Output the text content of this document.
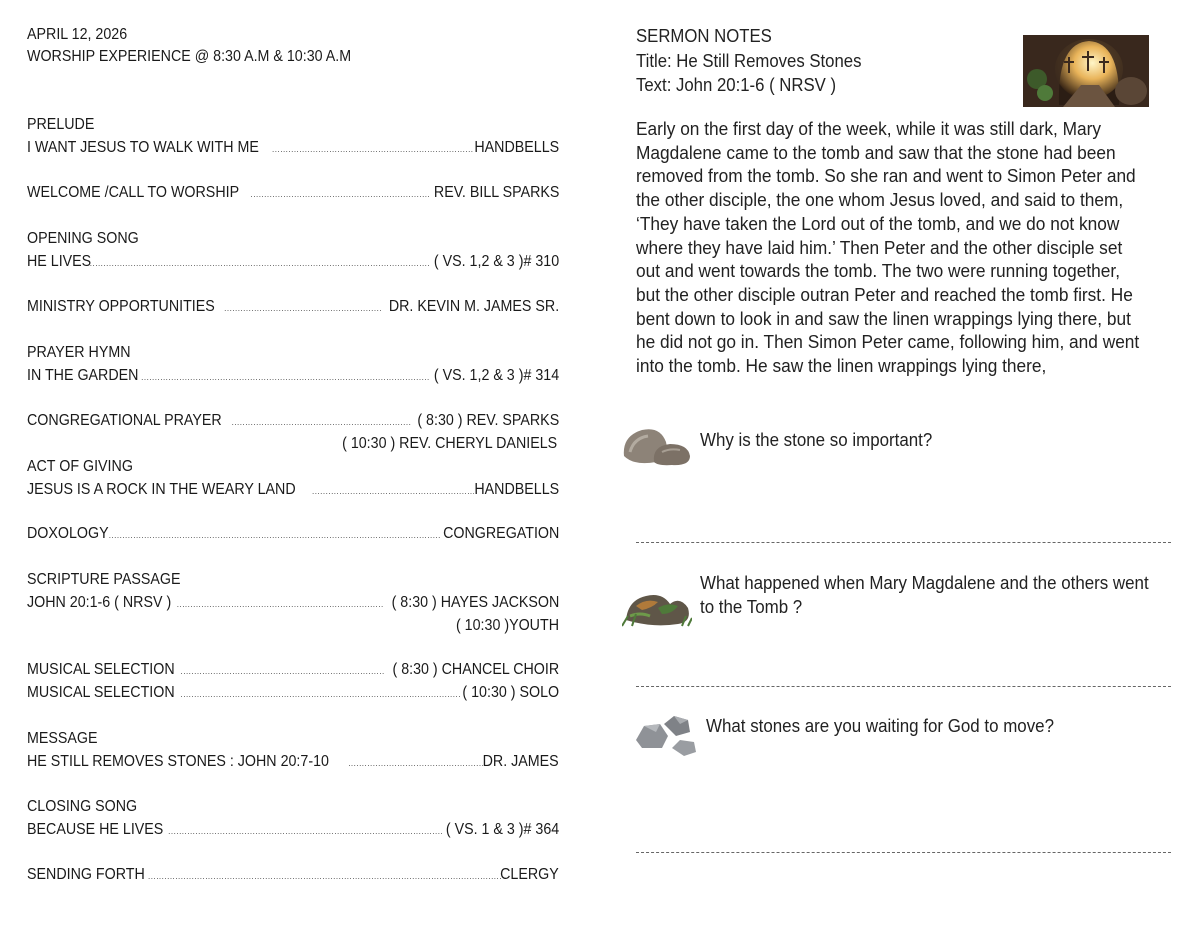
APRIL 12, 2026
WORSHIP EXPERIENCE @ 8:30 A.M & 10:30 A.M
PRELUDE
I WANT JESUS TO WALK WITH ME .....	HANDBELLS
WELCOME /CALL TO WORSHIP .....	REV. BILL SPARKS
OPENING SONG
HE LIVES .....	( VS. 1,2 & 3 )# 310
MINISTRY OPPORTUNITIES .....	DR. KEVIN M. JAMES SR.
PRAYER HYMN
IN THE GARDEN .....	( VS. 1,2 & 3 )# 314
CONGREGATIONAL PRAYER .....	( 8:30 ) REV. SPARKS
( 10:30 ) REV. CHERYL DANIELS
ACT OF GIVING
JESUS IS A ROCK IN THE WEARY LAND .....	HANDBELLS
DOXOLOGY .....	CONGREGATION
SCRIPTURE PASSAGE
JOHN 20:1-6 ( NRSV ) .....	( 8:30 ) HAYES JACKSON
( 10:30 )YOUTH
MUSICAL SELECTION .....	( 8:30 ) CHANCEL CHOIR
MUSICAL SELECTION .....	( 10:30 ) SOLO
MESSAGE
HE STILL REMOVES STONES : JOHN 20:7-10 .....	DR. JAMES
CLOSING SONG
BECAUSE HE LIVES .....	( VS. 1 & 3 )# 364
SENDING FORTH .....	CLERGY
SERMON NOTES
Title: He Still Removes Stones
Text: John 20:1-6 ( NRSV )
Early on the first day of the week, while it was still dark, Mary Magdalene came to the tomb and saw that the stone had been removed from the tomb. So she ran and went to Simon Peter and the other disciple, the one whom Jesus loved, and said to them, ‘They have taken the Lord out of the tomb, and we do not know where they have laid him.’ Then Peter and the other disciple set out and went towards the tomb. The two were running together, but the other disciple outran Peter and reached the tomb first. He bent down to look in and saw the linen wrappings lying there, but he did not go in. Then Simon Peter came, following him, and went into the tomb. He saw the linen wrappings lying there,
Why is the stone so important?
What happened when Mary Magdalene and the others went to the Tomb ?
What stones are you waiting for God to move?
